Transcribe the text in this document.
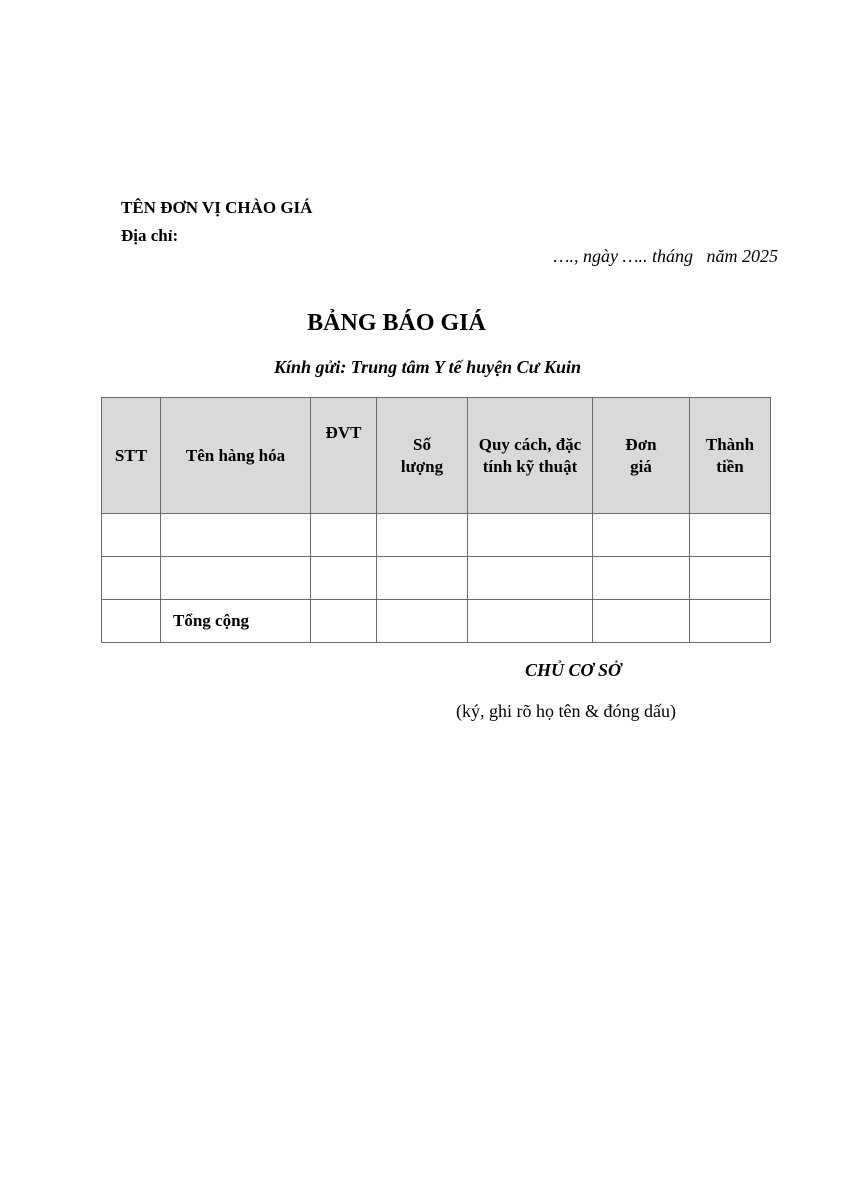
TÊN ĐƠN VỊ CHÀO GIÁ
Địa chỉ:
…., ngày ….. tháng   năm 2025
BẢNG BÁO GIÁ
Kính gửi: Trung tâm Y tế huyện Cư Kuin
STT	Tên hàng hóa	ĐVT	Số lượng	Quy cách, đặc tính kỹ thuật	Đơn giá	Thành tiền

	Tổng cộng					
CHỦ CƠ SỞ
(ký, ghi rõ họ tên & đóng dấu)
